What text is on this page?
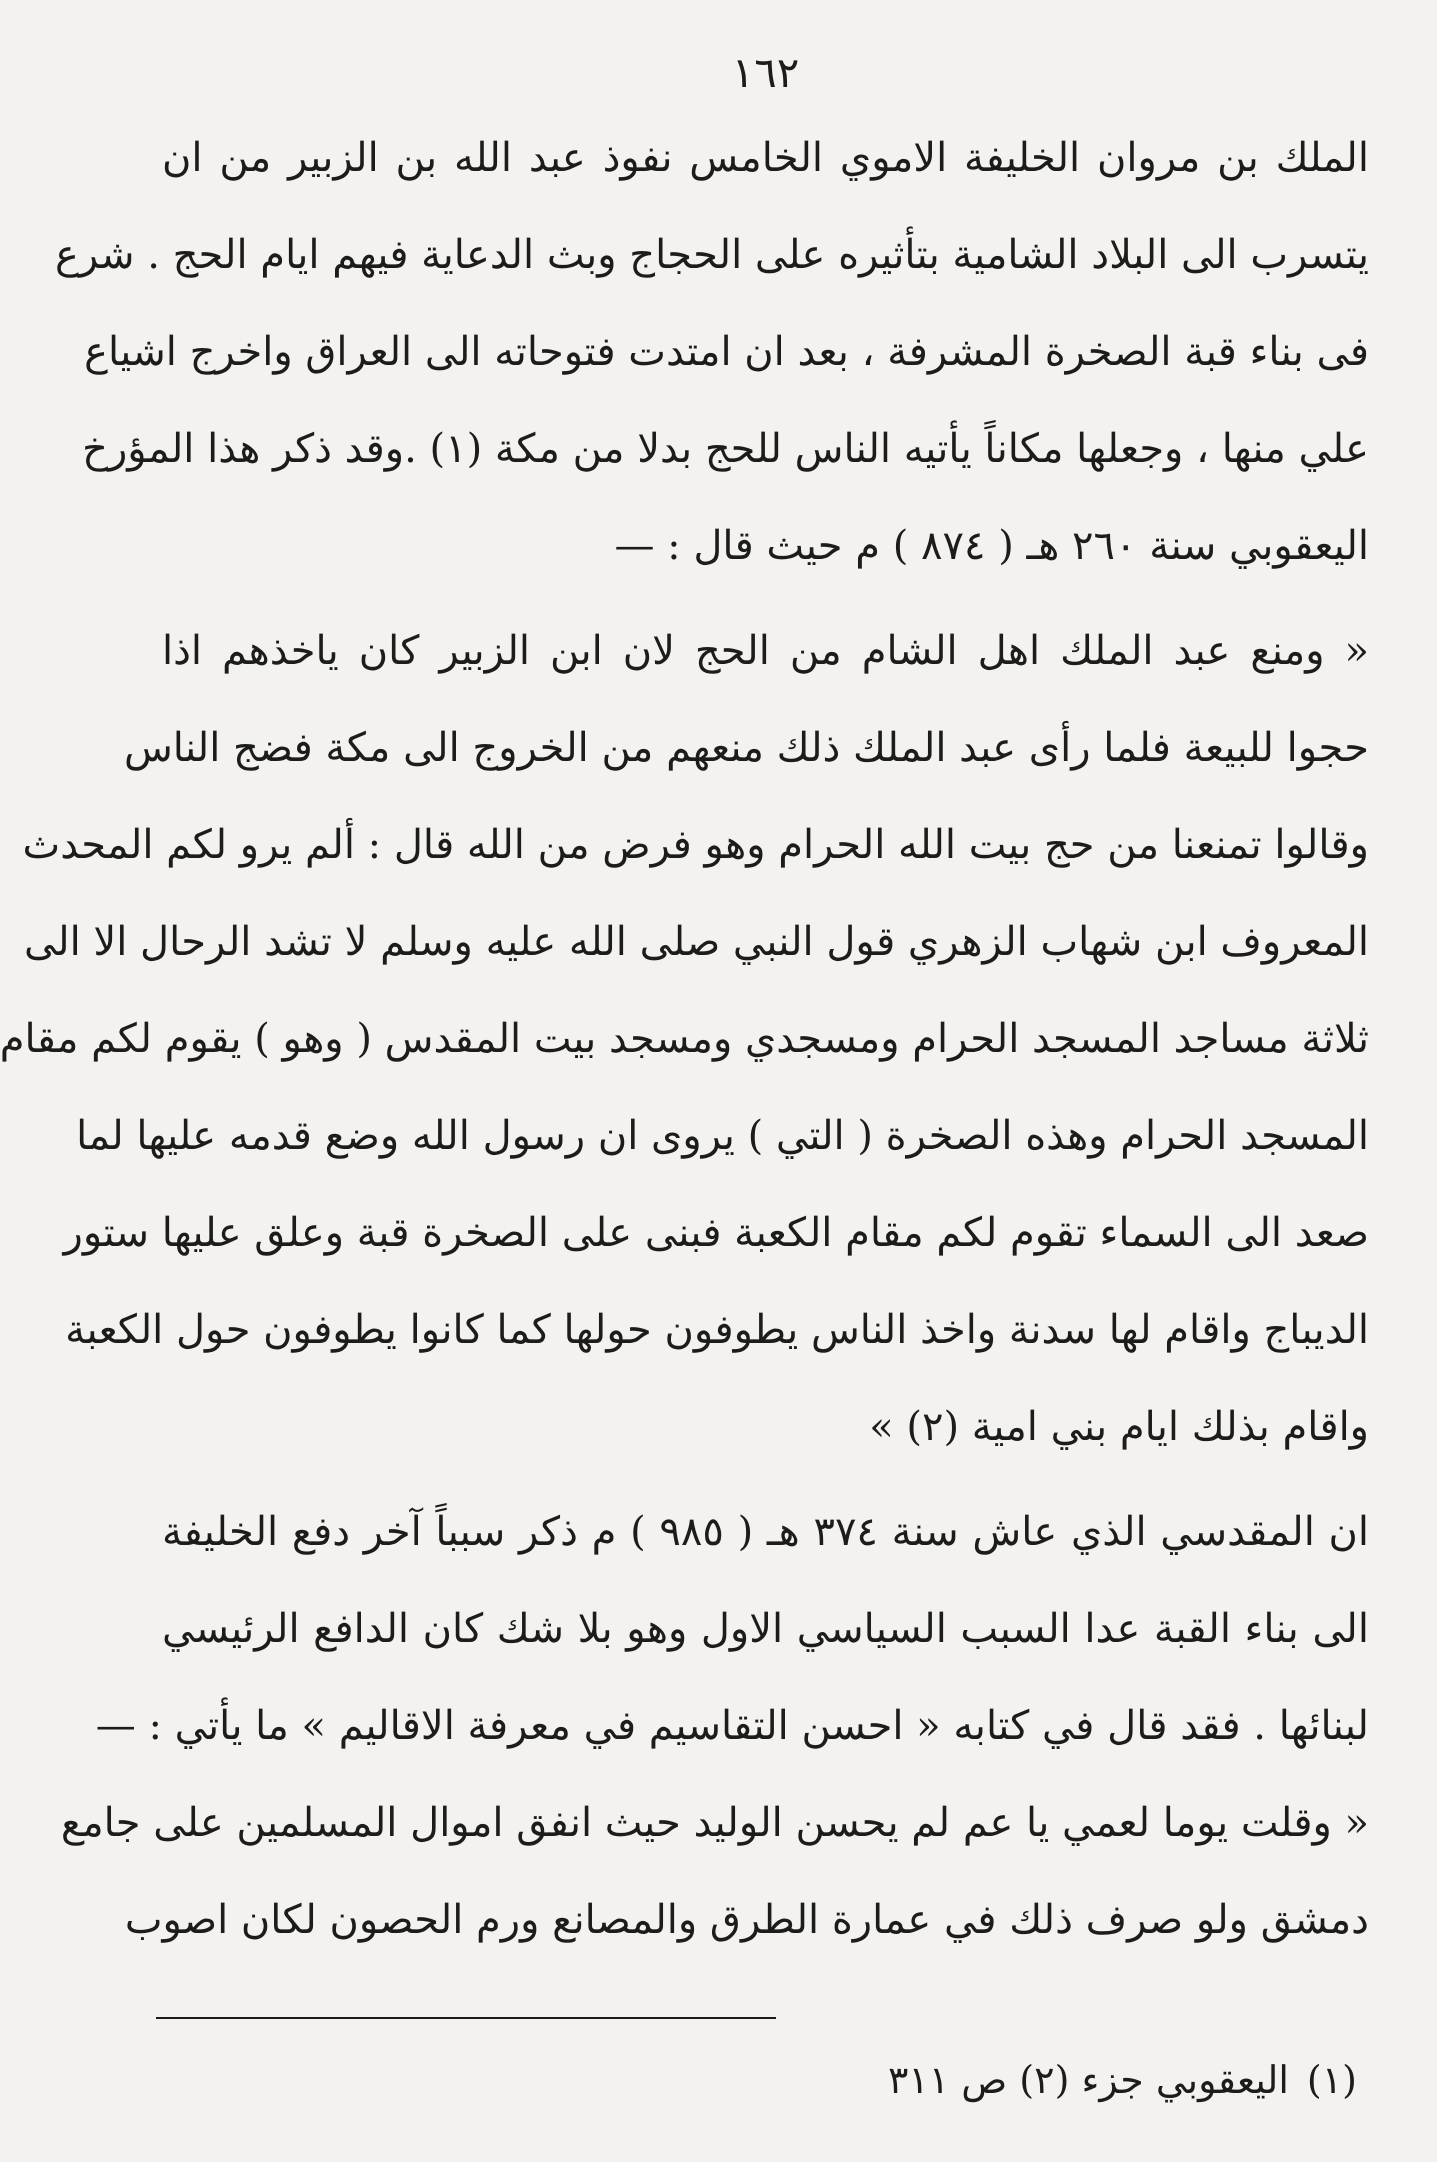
١٦٢

الملك بن مروان الخليفة الاموي الخامس نفوذ عبد الله بن الزبير من ان
يتسرب الى البلاد الشامية بتأثيره على الحجاج وبث الدعاية فيهم ايام الحج . شرع
فى بناء قبة الصخرة المشرفة ، بعد ان امتدت فتوحاته الى العراق واخرج اشياع
علي منها ، وجعلها مكاناً يأتيه الناس للحج بدلا من مكة (١) .وقد ذكر هذا المؤرخ
اليعقوبي سنة ٢٦٠ هـ ( ٨٧٤ ) م حيث قال : —

« ومنع عبد الملك اهل الشام من الحج لان ابن الزبير كان ياخذهم اذا
حجوا للبيعة فلما رأى عبد الملك ذلك منعهم من الخروج الى مكة فضج الناس
وقالوا تمنعنا من حج بيت الله الحرام وهو فرض من الله قال : ألم يرو لكم المحدث
المعروف ابن شهاب الزهري قول النبي صلى الله عليه وسلم لا تشد الرحال الا الى
ثلاثة مساجد المسجد الحرام ومسجدي ومسجد بيت المقدس ( وهو ) يقوم لكم مقام
المسجد الحرام وهذه الصخرة ( التي ) يروى ان رسول الله وضع قدمه عليها لما
صعد الى السماء تقوم لكم مقام الكعبة فبنى على الصخرة قبة وعلق عليها ستور
الديباج واقام لها سدنة واخذ الناس يطوفون حولها كما كانوا يطوفون حول الكعبة
واقام بذلك ايام بني امية (٢) »

ان المقدسي الذي عاش سنة ٣٧٤ هـ ( ٩٨٥ ) م ذكر سبباً آخر دفع الخليفة
الى بناء القبة عدا السبب السياسي الاول وهو بلا شك كان الدافع الرئيسي
لبنائها . فقد قال في كتابه « احسن التقاسيم في معرفة الاقاليم » ما يأتي : —
« وقلت يوما لعمي يا عم لم يحسن الوليد حيث انفق اموال المسلمين على جامع
دمشق ولو صرف ذلك في عمارة الطرق والمصانع ورم الحصون لكان اصوب

(١)اليعقوبي جزء (٢) ص ٣١١
